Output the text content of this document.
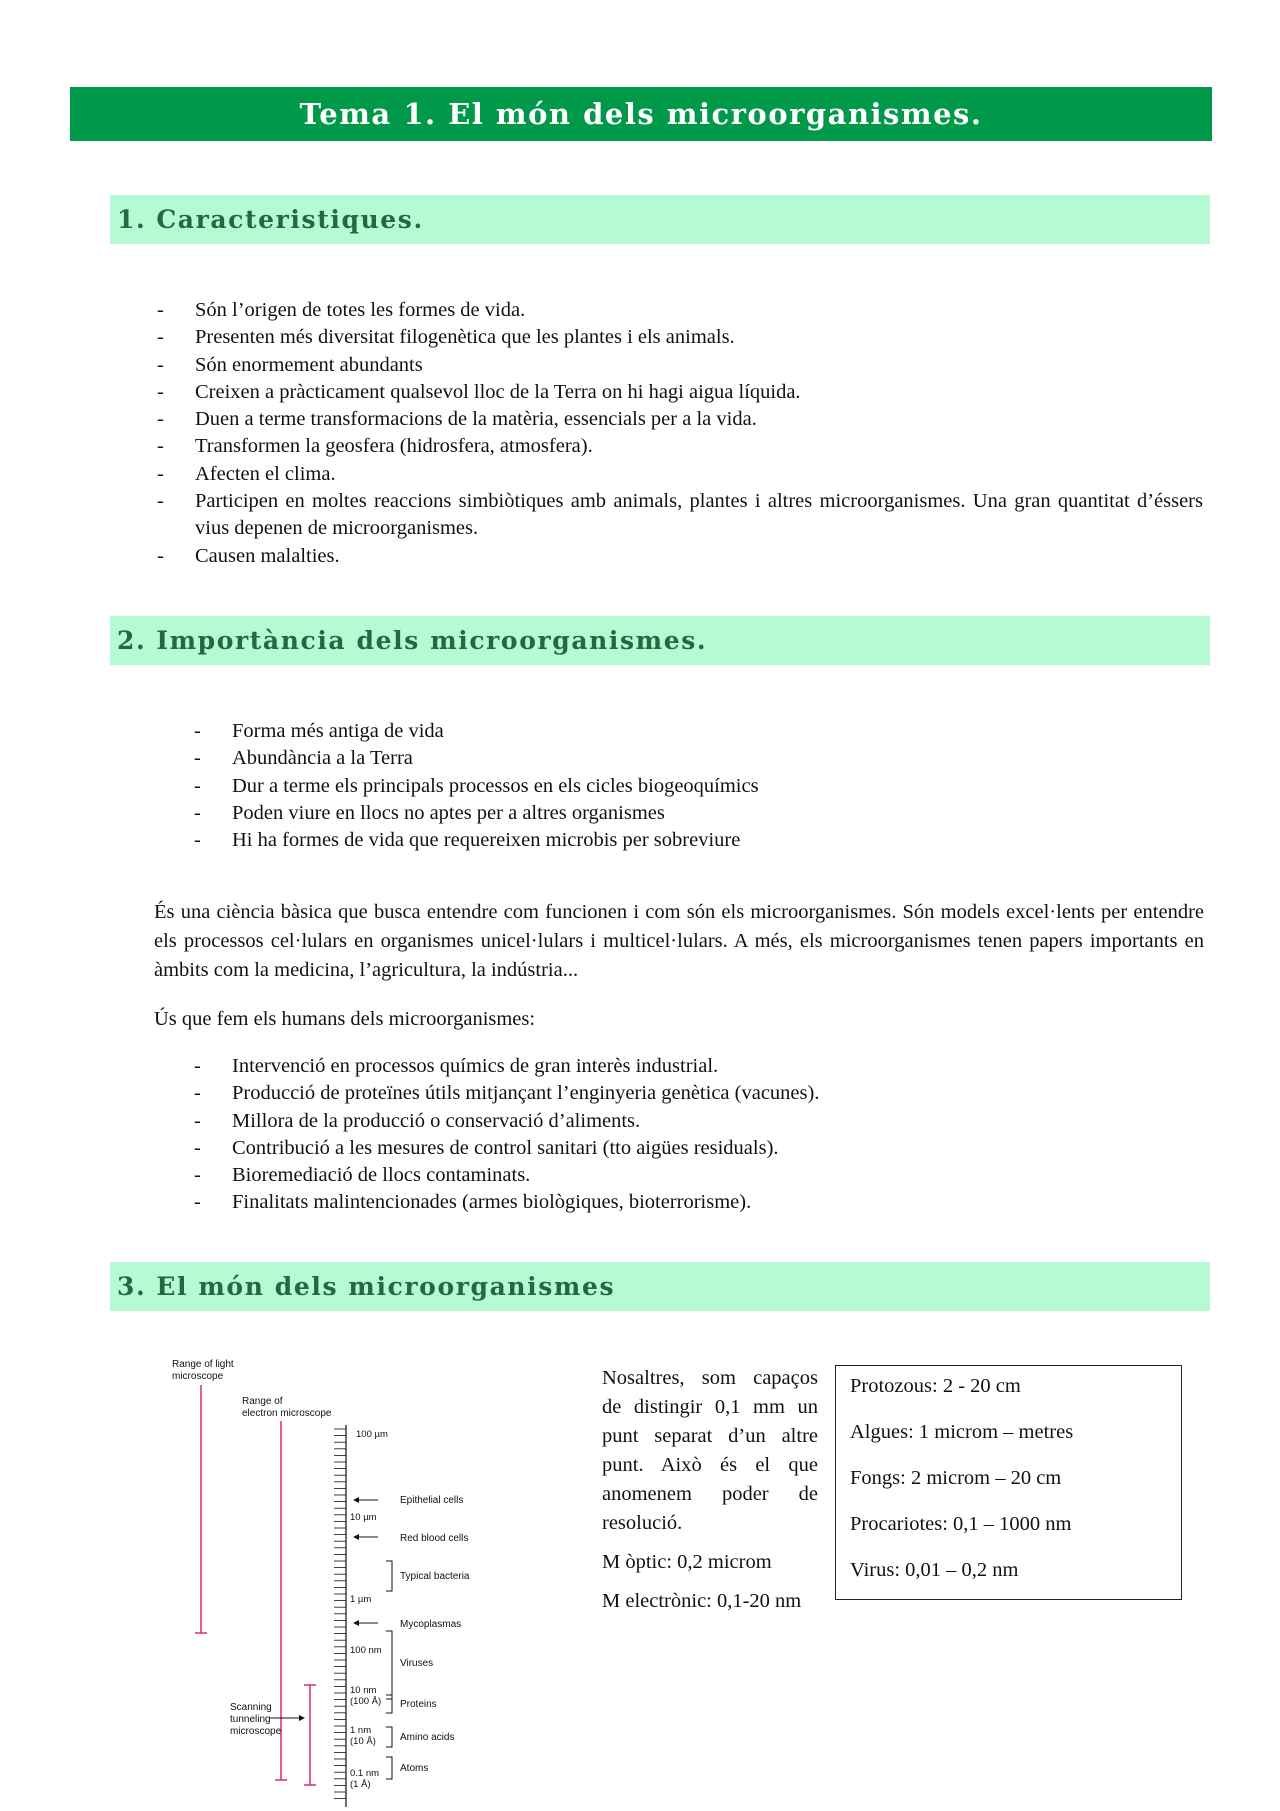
Tema 1. El món dels microorganismes.
1. Caracteristiques.
- Són l’origen de totes les formes de vida.
- Presenten més diversitat filogenètica que les plantes i els animals.
- Són enormement abundants
- Creixen a pràcticament qualsevol lloc de la Terra on hi hagi aigua líquida.
- Duen a terme transformacions de la matèria, essencials per a la vida.
- Transformen la geosfera (hidrosfera, atmosfera).
- Afecten el clima.
- Participen en moltes reaccions simbiòtiques amb animals, plantes i altres microorganismes. Una gran quantitat d’éssers vius depenen de microorganismes.
- Causen malalties.
2. Importància dels microorganismes.
- Forma més antiga de vida
- Abundància a la Terra
- Dur a terme els principals processos en els cicles biogeoquímics
- Poden viure en llocs no aptes per a altres organismes
- Hi ha formes de vida que requereixen microbis per sobreviure

És una ciència bàsica que busca entendre com funcionen i com són els microorganismes. Són models excel·lents per entendre els processos cel·lulars en organismes unicel·lulars i multicel·lulars. A més, els microorganismes tenen papers importants en àmbits com la medicina, l’agricultura, la indústria...

Ús que fem els humans dels microorganismes:

- Intervenció en processos químics de gran interès industrial.
- Producció de proteïnes útils mitjançant l’enginyeria genètica (vacunes).
- Millora de la producció o conservació d’aliments.
- Contribució a les mesures de control sanitari (tto aigües residuals).
- Bioremediació de llocs contaminats.
- Finalitats malintencionades (armes biològiques, bioterrorisme).
3. El món dels microorganismes
Range of light
microscope
Range of
electron microscope
Scanning
tunneling
microscope
100 µm
10 µm
1 µm
100 nm
10 nm
(100 Å)
1 nm
(10 Å)
0.1 nm
(1 Å)
Epithelial cells
Red blood cells
Typical bacteria
Mycoplasmas
Viruses
Proteins
Amino acids
Atoms

Nosaltres, som capaços de distingir 0,1 mm un punt separat d’un altre punt. Això és el que anomenem poder de resolució.

M òptic: 0,2 microm

M electrònic: 0,1-20 nm

Protozous: 2 - 20 cm

Algues: 1 microm – metres

Fongs: 2 microm – 20 cm

Procariotes: 0,1 – 1000 nm

Virus: 0,01 – 0,2 nm
